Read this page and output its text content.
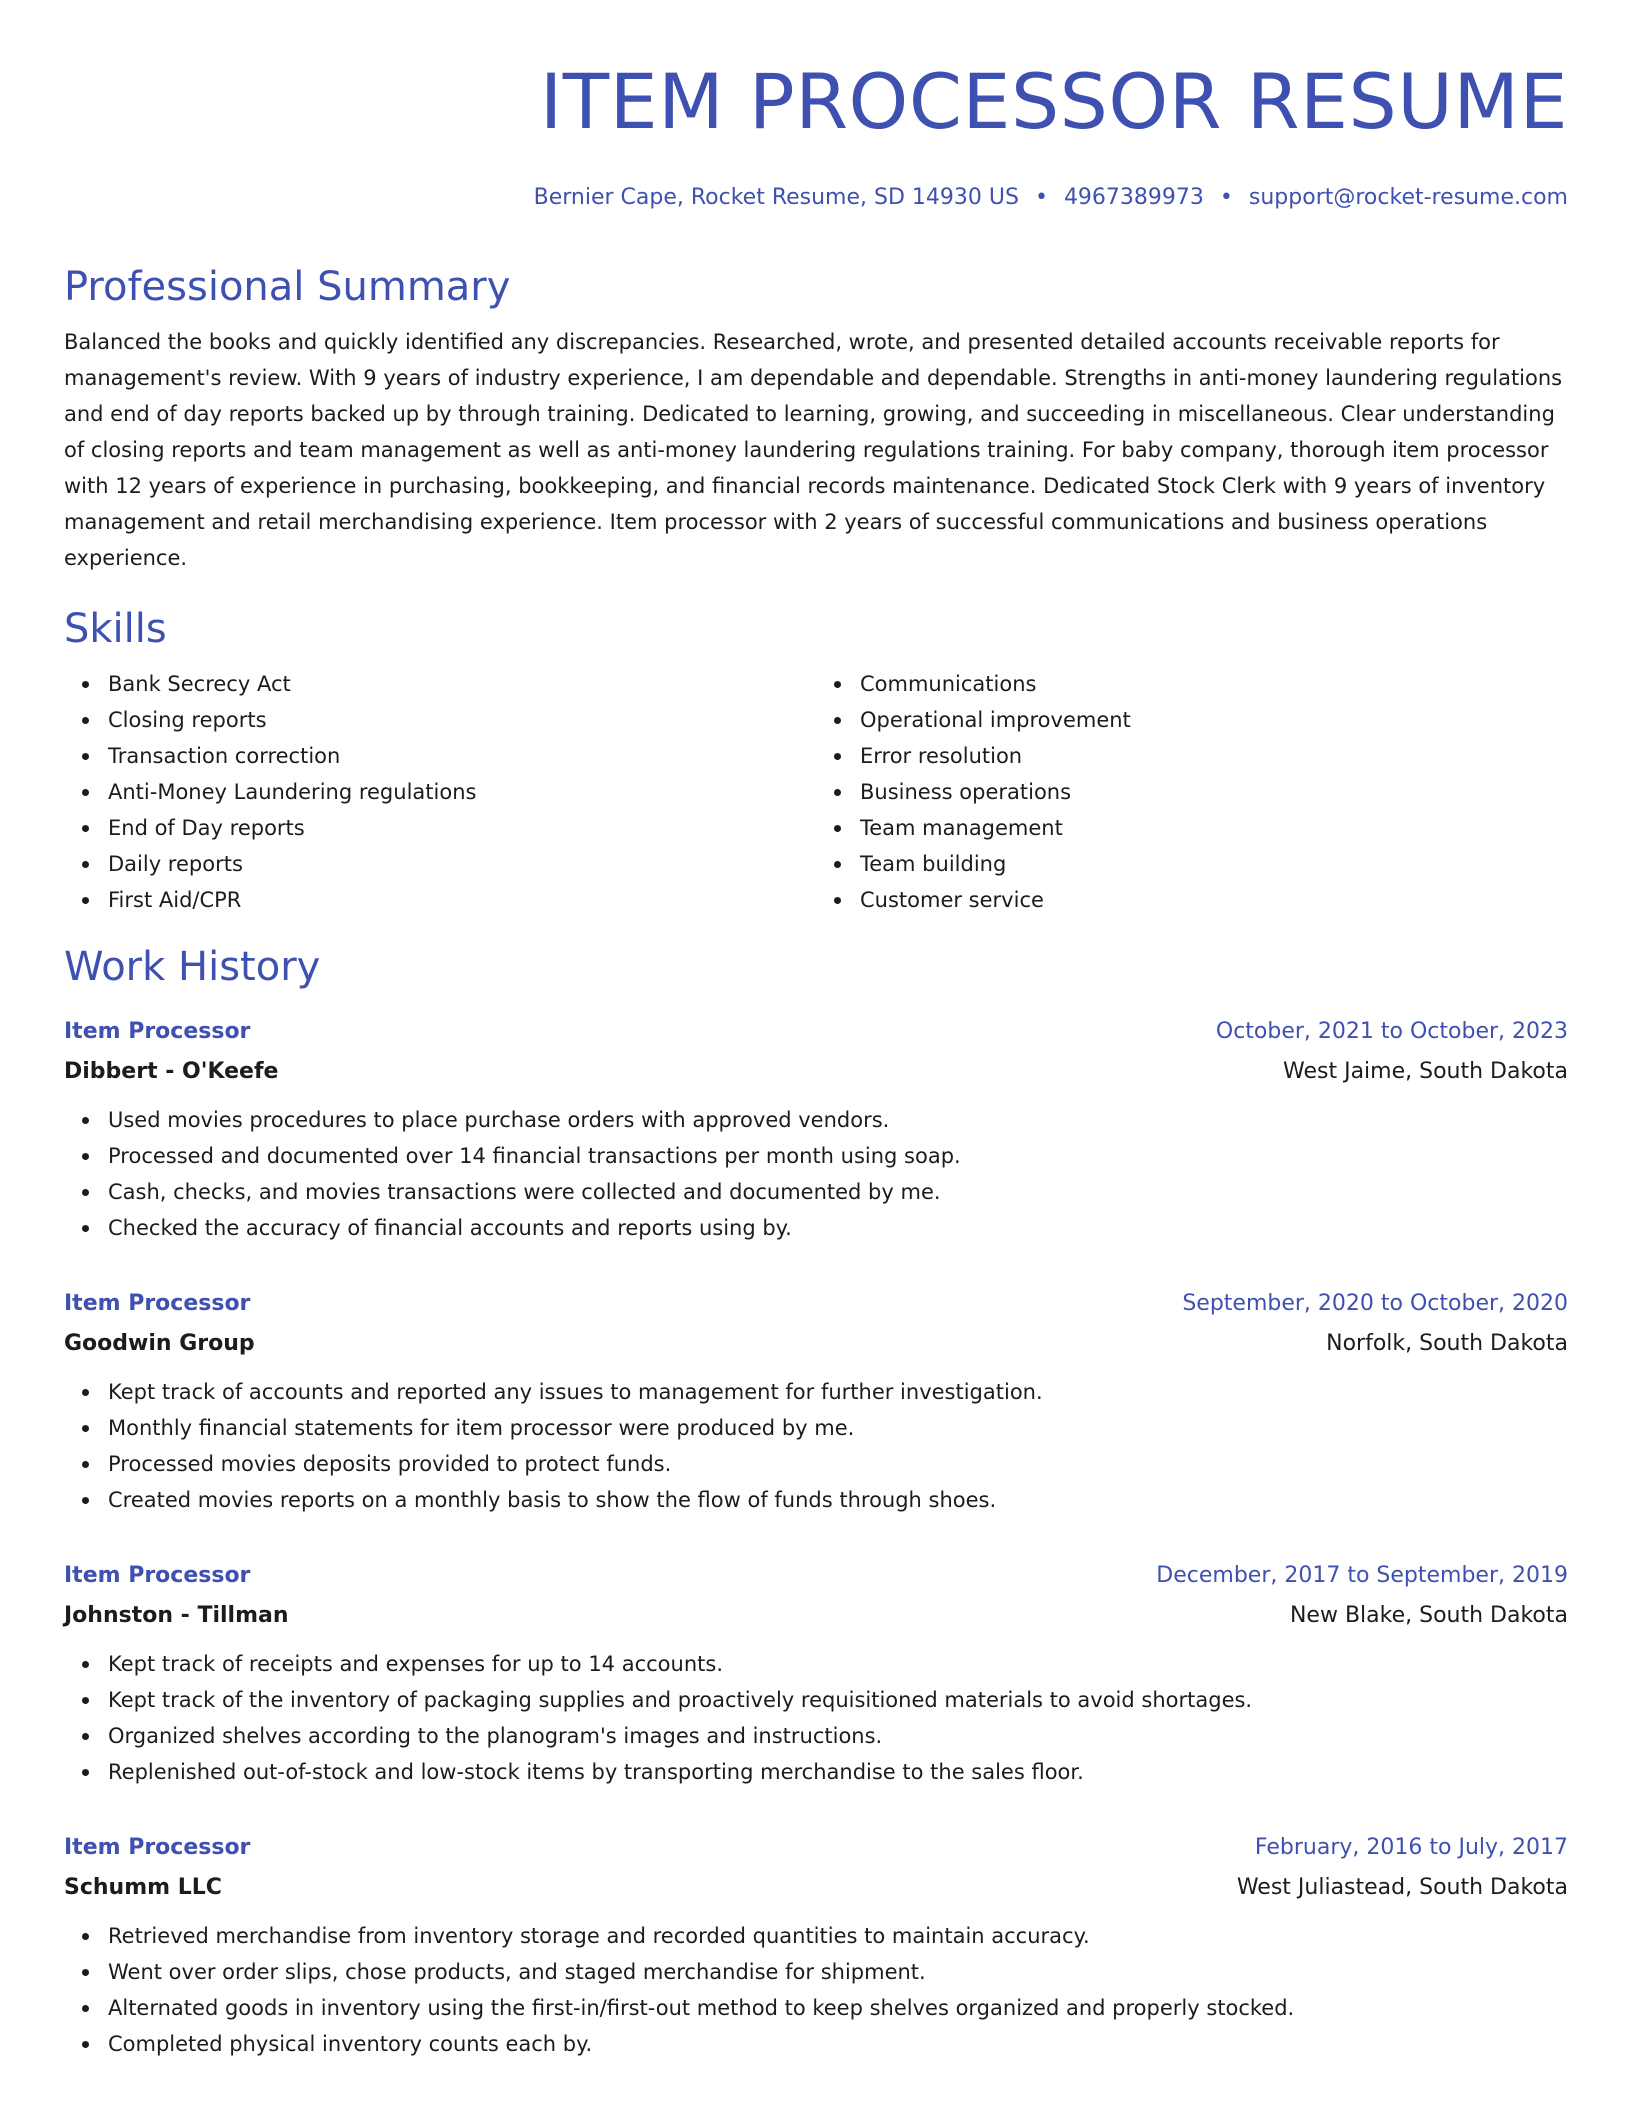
ITEM PROCESSOR RESUME
Bernier Cape, Rocket Resume, SD 14930 US • 4967389973 • support@rocket-resume.com
Professional Summary
Balanced the books and quickly identified any discrepancies. Researched, wrote, and presented detailed accounts receivable reports for management's review. With 9 years of industry experience, I am dependable and dependable. Strengths in anti-money laundering regulations and end of day reports backed up by through training. Dedicated to learning, growing, and succeeding in miscellaneous. Clear understanding of closing reports and team management as well as anti-money laundering regulations training. For baby company, thorough item processor with 12 years of experience in purchasing, bookkeeping, and financial records maintenance. Dedicated Stock Clerk with 9 years of inventory management and retail merchandising experience. Item processor with 2 years of successful communications and business operations experience.
Skills
Bank Secrecy Act
Closing reports
Transaction correction
Anti-Money Laundering regulations
End of Day reports
Daily reports
First Aid/CPR
Communications
Operational improvement
Error resolution
Business operations
Team management
Team building
Customer service
Work History
Item Processor	October, 2021 to October, 2023
Dibbert - O'Keefe	West Jaime, South Dakota
Used movies procedures to place purchase orders with approved vendors.
Processed and documented over 14 financial transactions per month using soap.
Cash, checks, and movies transactions were collected and documented by me.
Checked the accuracy of financial accounts and reports using by.
Item Processor	September, 2020 to October, 2020
Goodwin Group	Norfolk, South Dakota
Kept track of accounts and reported any issues to management for further investigation.
Monthly financial statements for item processor were produced by me.
Processed movies deposits provided to protect funds.
Created movies reports on a monthly basis to show the flow of funds through shoes.
Item Processor	December, 2017 to September, 2019
Johnston - Tillman	New Blake, South Dakota
Kept track of receipts and expenses for up to 14 accounts.
Kept track of the inventory of packaging supplies and proactively requisitioned materials to avoid shortages.
Organized shelves according to the planogram's images and instructions.
Replenished out-of-stock and low-stock items by transporting merchandise to the sales floor.
Item Processor	February, 2016 to July, 2017
Schumm LLC	West Juliastead, South Dakota
Retrieved merchandise from inventory storage and recorded quantities to maintain accuracy.
Went over order slips, chose products, and staged merchandise for shipment.
Alternated goods in inventory using the first-in/first-out method to keep shelves organized and properly stocked.
Completed physical inventory counts each by.
